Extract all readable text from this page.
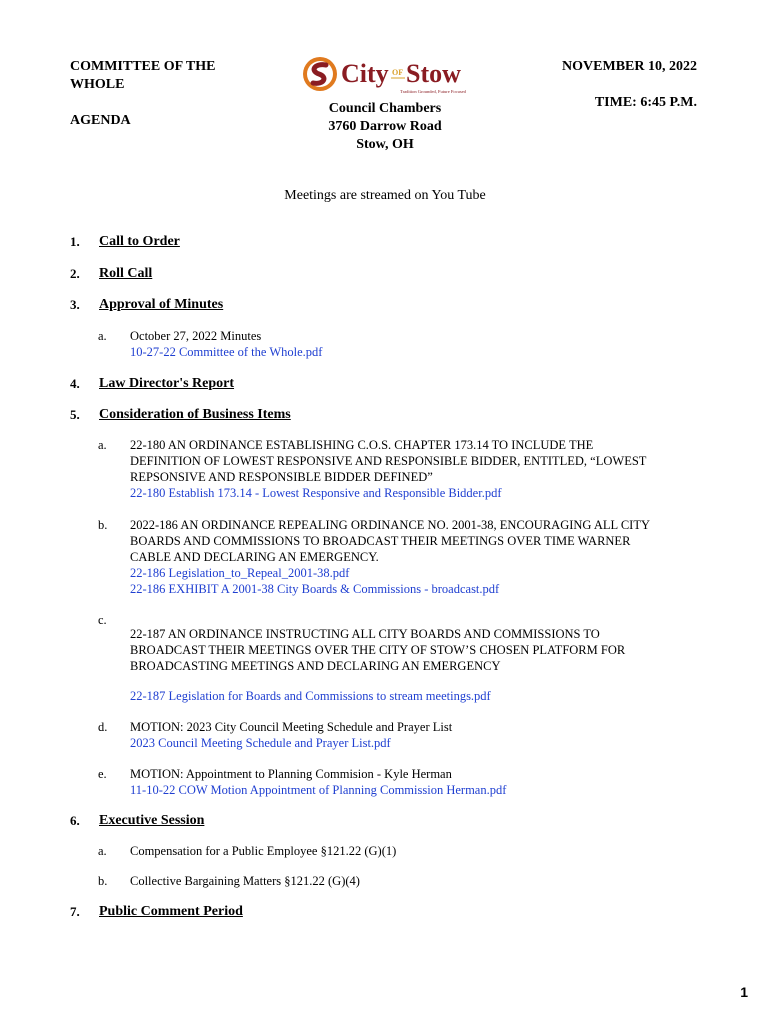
COMMITTEE OF THE WHOLE
AGENDA
NOVEMBER 10, 2022
TIME: 6:45 P.M.
City OF Stow
Tradition Grounded, Future Focused
Council Chambers
3760 Darrow Road
Stow, OH
Meetings are streamed on You Tube
1. Call to Order
2. Roll Call
3. Approval of Minutes
a. October 27, 2022 Minutes
10-27-22 Committee of the Whole.pdf
4. Law Director's Report
5. Consideration of Business Items
a. 22-180 AN ORDINANCE ESTABLISHING C.O.S. CHAPTER 173.14 TO INCLUDE THE
DEFINITION OF LOWEST RESPONSIVE AND RESPONSIBLE BIDDER, ENTITLED, “LOWEST
REPSONSIVE AND RESPONSIBLE BIDDER DEFINED”
22-180 Establish 173.14 - Lowest Responsive and Responsible Bidder.pdf
b. 2022-186 AN ORDINANCE REPEALING ORDINANCE NO. 2001-38, ENCOURAGING ALL CITY
BOARDS AND COMMISSIONS TO BROADCAST THEIR MEETINGS OVER TIME WARNER
CABLE AND DECLARING AN EMERGENCY.
22-186 Legislation_to_Repeal_2001-38.pdf
22-186 EXHIBIT A 2001-38 City Boards & Commissions - broadcast.pdf
c.
22-187 AN ORDINANCE INSTRUCTING ALL CITY BOARDS AND COMMISSIONS TO
BROADCAST THEIR MEETINGS OVER THE CITY OF STOW’S CHOSEN PLATFORM FOR
BROADCASTING MEETINGS AND DECLARING AN EMERGENCY
22-187 Legislation for Boards and Commissions to stream meetings.pdf
d. MOTION: 2023 City Council Meeting Schedule and Prayer List
2023 Council Meeting Schedule and Prayer List.pdf
e. MOTION: Appointment to Planning Commision - Kyle Herman
11-10-22 COW Motion Appointment of Planning Commission Herman.pdf
6. Executive Session
a. Compensation for a Public Employee §121.22 (G)(1)
b. Collective Bargaining Matters §121.22 (G)(4)
7. Public Comment Period
1
